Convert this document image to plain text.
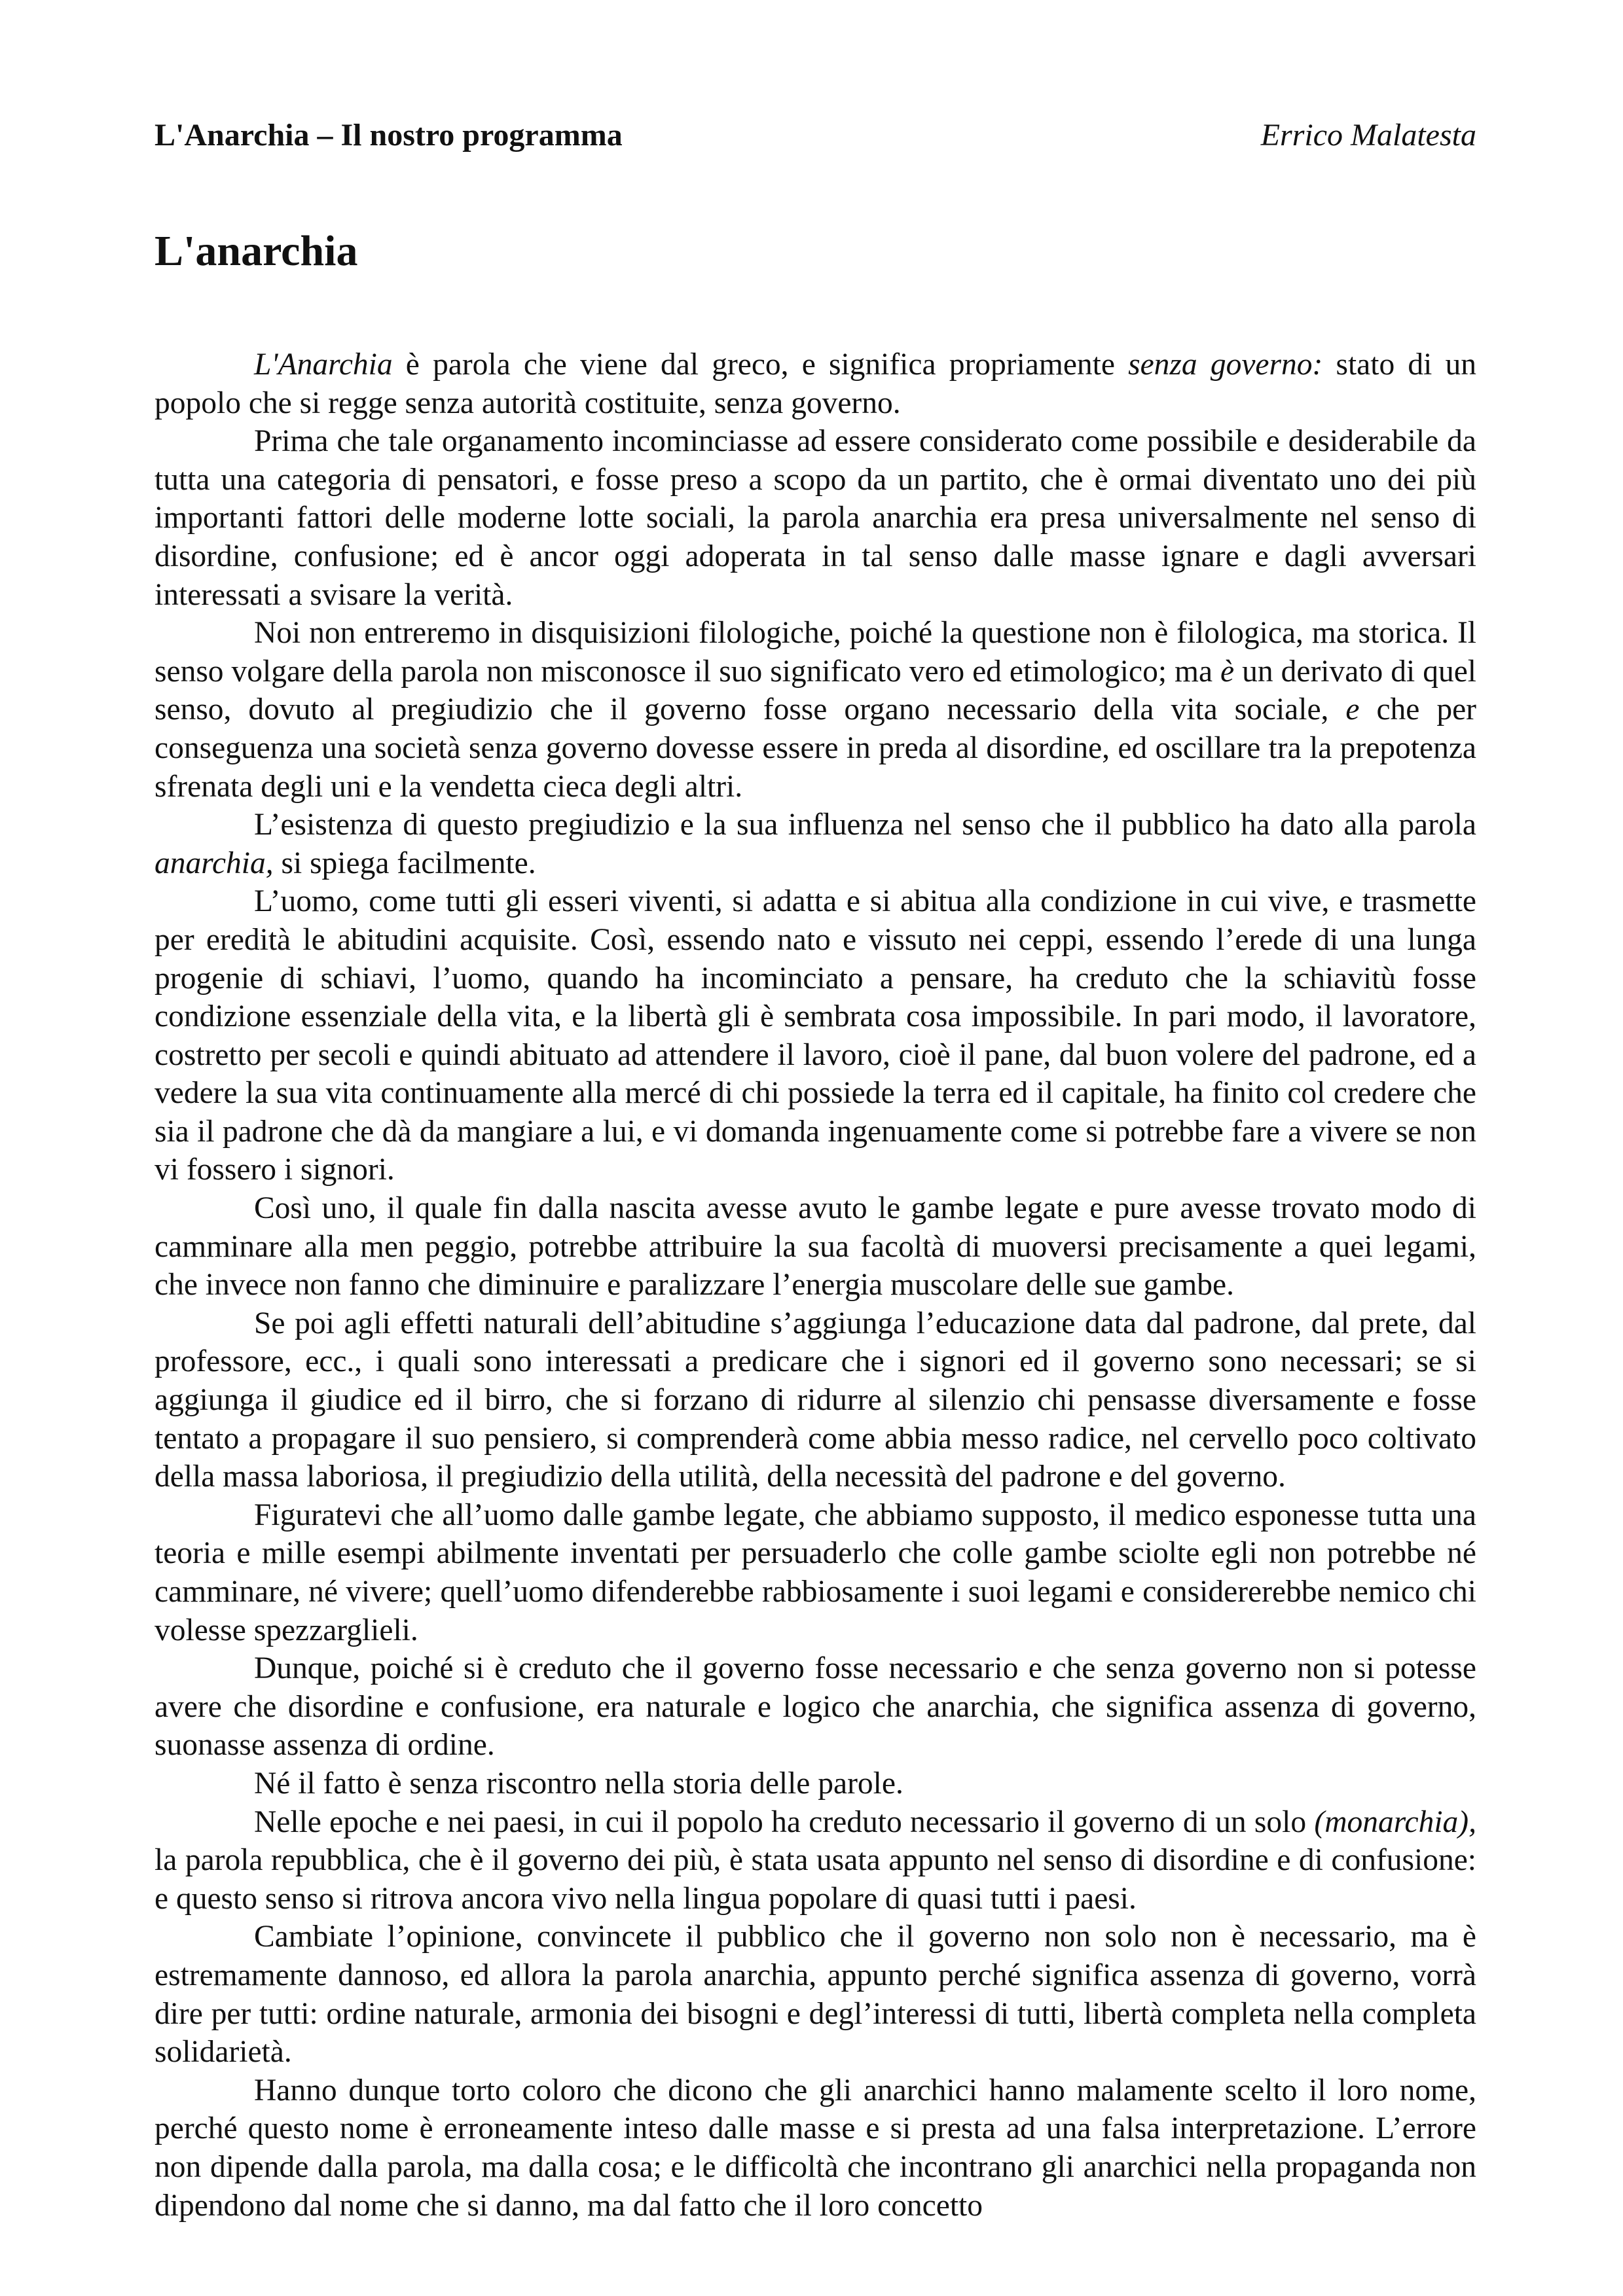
L'Anarchia – Il nostro programma	Errico Malatesta
L'anarchia

L'Anarchia è parola che viene dal greco, e significa propriamente senza governo: stato di un popolo che si regge senza autorità costituite, senza governo.

Prima che tale organamento incominciasse ad essere considerato come possibile e desiderabile da tutta una categoria di pensatori, e fosse preso a scopo da un partito, che è ormai diventato uno dei più importanti fattori delle moderne lotte sociali, la parola anarchia era presa universalmente nel senso di disordine, confusione; ed è ancor oggi adoperata in tal senso dalle masse ignare e dagli avversari interessati a svisare la verità.

Noi non entreremo in disquisizioni filologiche, poiché la questione non è filologica, ma storica. Il senso volgare della parola non misconosce il suo significato vero ed etimologico; ma è un derivato di quel senso, dovuto al pregiudizio che il governo fosse organo necessario della vita sociale, e che per conseguenza una società senza governo dovesse essere in preda al disordine, ed oscillare tra la prepotenza sfrenata degli uni e la vendetta cieca degli altri.

L’esistenza di questo pregiudizio e la sua influenza nel senso che il pubblico ha dato alla parola anarchia, si spiega facilmente.

L’uomo, come tutti gli esseri viventi, si adatta e si abitua alla condizione in cui vive, e trasmette per eredità le abitudini acquisite. Così, essendo nato e vissuto nei ceppi, essendo l’erede di una lunga progenie di schiavi, l’uomo, quando ha incominciato a pensare, ha creduto che la schiavitù fosse condizione essenziale della vita, e la libertà gli è sembrata cosa impossibile. In pari modo, il lavoratore, costretto per secoli e quindi abituato ad attendere il lavoro, cioè il pane, dal buon volere del padrone, ed a vedere la sua vita continuamente alla mercé di chi possiede la terra ed il capitale, ha finito col credere che sia il padrone che dà da mangiare a lui, e vi domanda ingenuamente come si potrebbe fare a vivere se non vi fossero i signori.

Così uno, il quale fin dalla nascita avesse avuto le gambe legate e pure avesse trovato modo di camminare alla men peggio, potrebbe attribuire la sua facoltà di muoversi precisamente a quei legami, che invece non fanno che diminuire e paralizzare l’energia muscolare delle sue gambe.

Se poi agli effetti naturali dell’abitudine s’aggiunga l’educazione data dal padrone, dal prete, dal professore, ecc., i quali sono interessati a predicare che i signori ed il governo sono necessari; se si aggiunga il giudice ed il birro, che si forzano di ridurre al silenzio chi pensasse diversamente e fosse tentato a propagare il suo pensiero, si comprenderà come abbia messo radice, nel cervello poco coltivato della massa laboriosa, il pregiudizio della utilità, della necessità del padrone e del governo.

Figuratevi che all’uomo dalle gambe legate, che abbiamo supposto, il medico esponesse tutta una teoria e mille esempi abilmente inventati per persuaderlo che colle gambe sciolte egli non potrebbe né camminare, né vivere; quell’uomo difenderebbe rabbiosamente i suoi legami e considererebbe nemico chi volesse spezzarglieli.

Dunque, poiché si è creduto che il governo fosse necessario e che senza governo non si potesse avere che disordine e confusione, era naturale e logico che anarchia, che significa assenza di governo, suonasse assenza di ordine.

Né il fatto è senza riscontro nella storia delle parole.

Nelle epoche e nei paesi, in cui il popolo ha creduto necessario il governo di un solo (monarchia), la parola repubblica, che è il governo dei più, è stata usata appunto nel senso di disordine e di confusione: e questo senso si ritrova ancora vivo nella lingua popolare di quasi tutti i paesi.

Cambiate l’opinione, convincete il pubblico che il governo non solo non è necessario, ma è estremamente dannoso, ed allora la parola anarchia, appunto perché significa assenza di governo, vorrà dire per tutti: ordine naturale, armonia dei bisogni e degl’interessi di tutti, libertà completa nella completa solidarietà.

Hanno dunque torto coloro che dicono che gli anarchici hanno malamente scelto il loro nome, perché questo nome è erroneamente inteso dalle masse e si presta ad una falsa interpretazione. L’errore non dipende dalla parola, ma dalla cosa; e le difficoltà che incontrano gli anarchici nella propaganda non dipendono dal nome che si danno, ma dal fatto che il loro concetto
